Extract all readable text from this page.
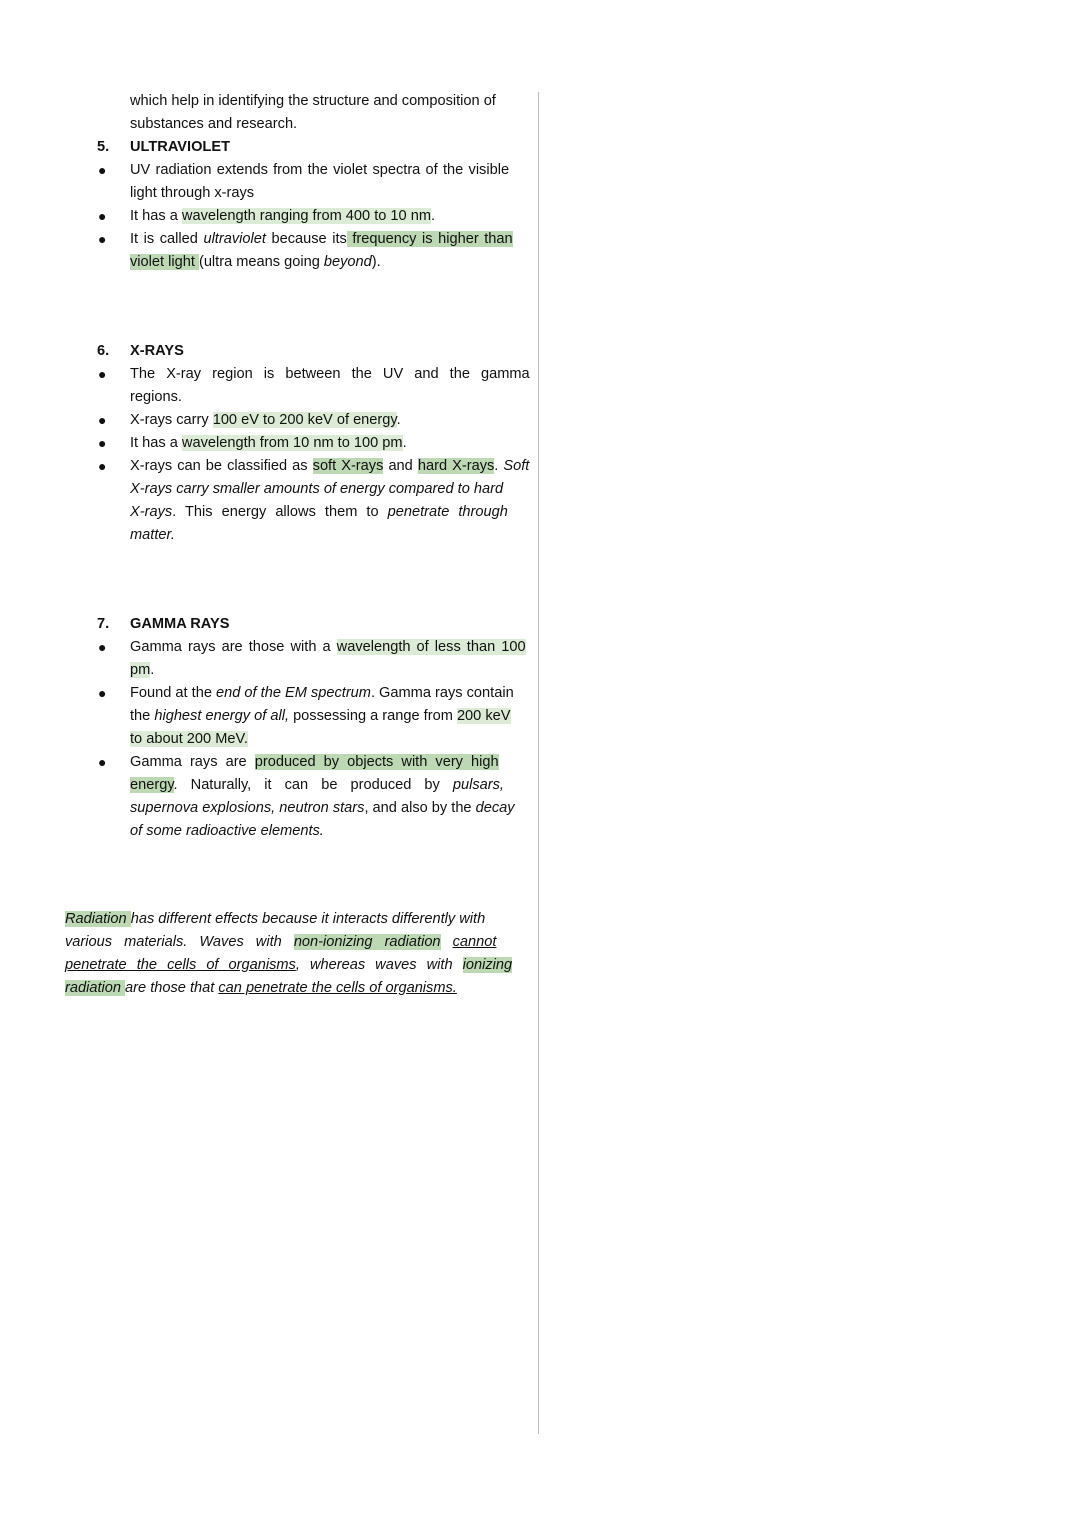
which help in identifying the structure and composition of
substances and research.
5. ULTRAVIOLET
● UV radiation extends from the violet spectra of the visible
light through x-rays
● It has a wavelength ranging from 400 to 10 nm.
● It is called ultraviolet because its frequency is higher than
violet light (ultra means going beyond).
6. X-RAYS
● The X-ray region is between the UV and the gamma
regions.
● X-rays carry 100 eV to 200 keV of energy.
● It has a wavelength from 10 nm to 100 pm.
● X-rays can be classified as soft X-rays and hard X-rays. Soft
X-rays carry smaller amounts of energy compared to hard
X-rays. This energy allows them to penetrate through
matter.
7. GAMMA RAYS
● Gamma rays are those with a wavelength of less than 100
pm.
● Found at the end of the EM spectrum. Gamma rays contain
the highest energy of all, possessing a range from 200 keV
to about 200 MeV.
● Gamma rays are produced by objects with very high
energy. Naturally, it can be produced by pulsars,
supernova explosions, neutron stars, and also by the decay
of some radioactive elements.
Radiation has different effects because it interacts differently with
various materials. Waves with non-ionizing radiation cannot
penetrate the cells of organisms, whereas waves with ionizing
radiation are those that can penetrate the cells of organisms.
